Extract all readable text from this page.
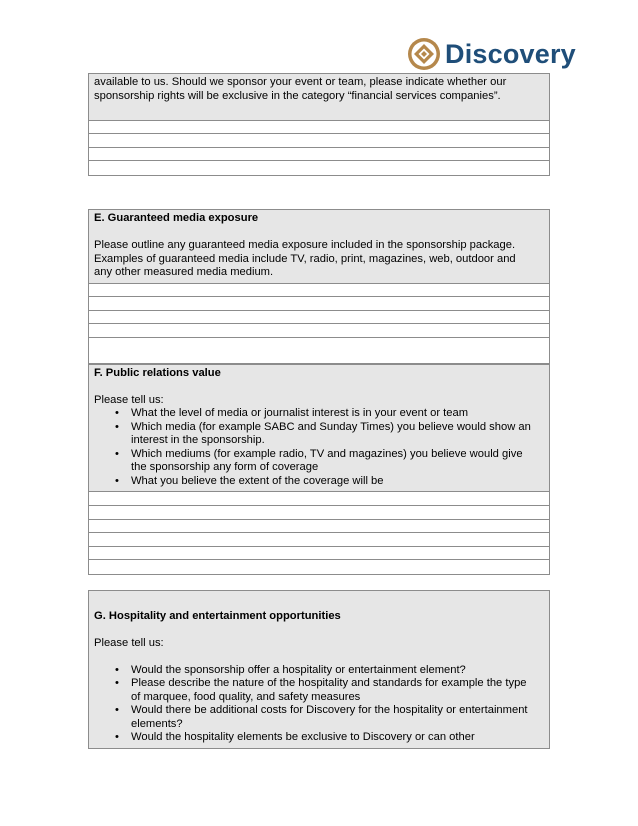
Discovery
available to us. Should we sponsor your event or team, please indicate whether our
sponsorship rights will be exclusive in the category “financial services companies”.
E. Guaranteed media exposure
Please outline any guaranteed media exposure included in the sponsorship package.
Examples of guaranteed media include TV, radio, print, magazines, web, outdoor and
any other measured media medium.
F. Public relations value
Please tell us:
• What the level of media or journalist interest is in your event or team
• Which media (for example SABC and Sunday Times) you believe would show an
interest in the sponsorship.
• Which mediums (for example radio, TV and magazines) you believe would give
the sponsorship any form of coverage
• What you believe the extent of the coverage will be
G. Hospitality and entertainment opportunities
Please tell us:
• Would the sponsorship offer a hospitality or entertainment element?
• Please describe the nature of the hospitality and standards for example the type
of marquee, food quality, and safety measures
• Would there be additional costs for Discovery for the hospitality or entertainment
elements?
• Would the hospitality elements be exclusive to Discovery or can other
